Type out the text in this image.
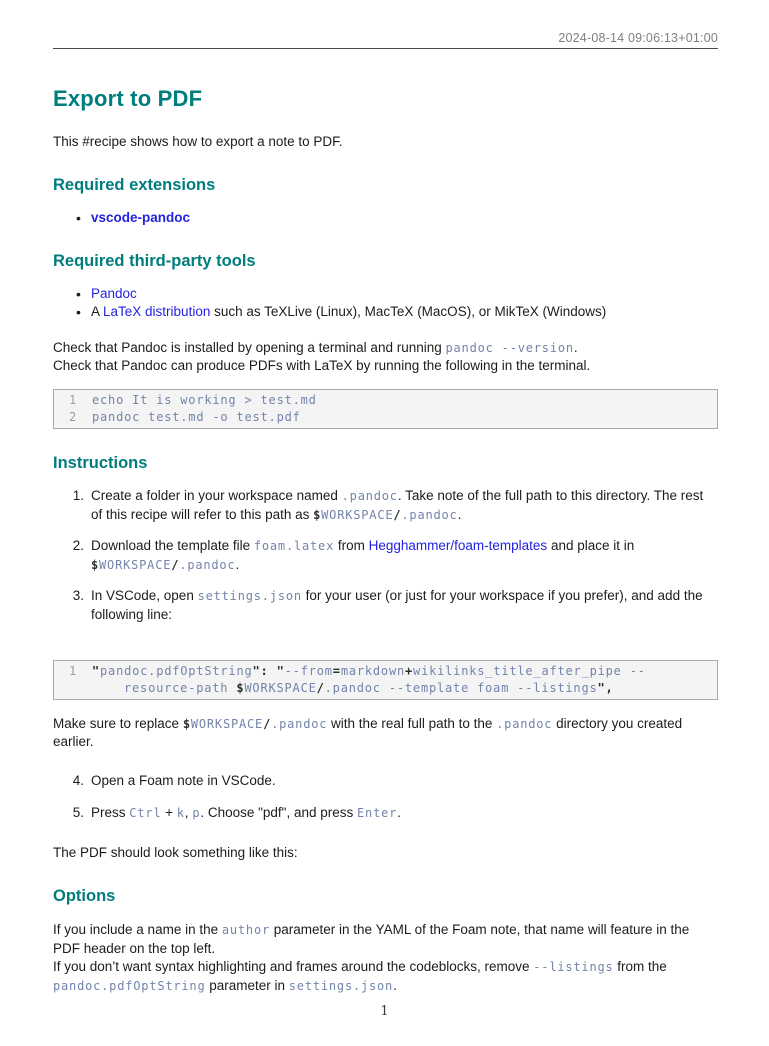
2024-08-14 09:06:13+01:00
Export to PDF

This #recipe shows how to export a note to PDF.

Required extensions
• vscode-pandoc
Required third-party tools
• Pandoc
• A LaTeX distribution such as TeXLive (Linux), MacTeX (MacOS), or MikTeX (Windows)

Check that Pandoc is installed by opening a terminal and running pandoc --version.
Check that Pandoc can produce PDFs with LaTeX by running the following in the terminal.

1	echo It is working > test.md
2	pandoc test.md -o test.pdf
Instructions
1. Create a folder in your workspace named .pandoc. Take note of the full path to this directory. The rest of this recipe will refer to this path as $WORKSPACE/.pandoc.
2. Download the template file foam.latex from Hegghammer/foam-templates and place it in $WORKSPACE/.pandoc.
3. In VSCode, open settings.json for your user (or just for your workspace if you prefer), and add the following line:
1	"pandoc.pdfOptString": "--from=markdown+wikilinks_title_after_pipe --
resource-path $WORKSPACE/.pandoc --template foam --listings",

Make sure to replace $WORKSPACE/.pandoc with the real full path to the .pandoc directory you created earlier.

4. Open a Foam note in VSCode.
5. Press Ctrl + k, p. Choose "pdf", and press Enter.

The PDF should look something like this:

Options

If you include a name in the author parameter in the YAML of the Foam note, that name will feature in the PDF header on the top left.
If you don’t want syntax highlighting and frames around the codeblocks, remove --listings from the pandoc.pdfOptString parameter in settings.json.

1
